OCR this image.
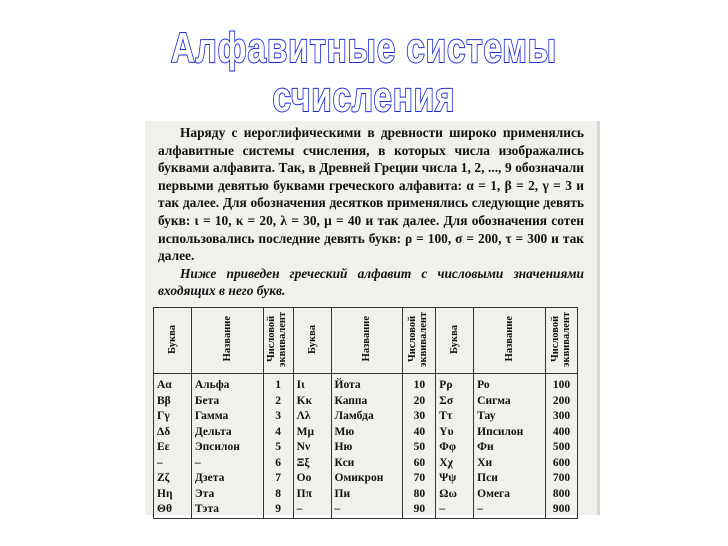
Алфавитные системы
счисления

Наряду с иероглифическими в древности широко применялись алфавитные системы счисления, в которых числа изображались буквами алфавита. Так, в Древней Греции числа 1, 2, ..., 9 обозначали первыми девятью буквами греческого алфавита: α = 1, β = 2, γ = 3 и так далее. Для обозначения десятков применялись следующие девять букв: ι = 10, κ = 20, λ = 30, μ = 40 и так далее. Для обозначения сотен использовались последние девять букв: ρ = 100, σ = 200, τ = 300 и так далее.

Ниже приведен греческий алфавит с числовыми значениями входящих в него букв.

Буква	Название	Числовой эквивалент	Буква	Название	Числовой эквивалент	Буква	Название	Числовой эквивалент
Αα	Альфа	1	Ιι	Йота	10	Ρρ	Ро	100
Ββ	Бета	2	Κκ	Каппа	20	Σσ	Сигма	200
Γγ	Гамма	3	Λλ	Ламбда	30	Ττ	Тау	300
Δδ	Дельта	4	Μμ	Мю	40	Υυ	Ипсилон	400
Εε	Эпсилон	5	Νν	Ню	50	Φφ	Фи	500
–	–	6	Ξξ	Кси	60	Χχ	Хи	600
Ζζ	Дзета	7	Οο	Омикрон	70	Ψψ	Пси	700
Ηη	Эта	8	Ππ	Пи	80	Ωω	Омега	800
Θθ	Тэта	9	–	–	90	–	–	900
